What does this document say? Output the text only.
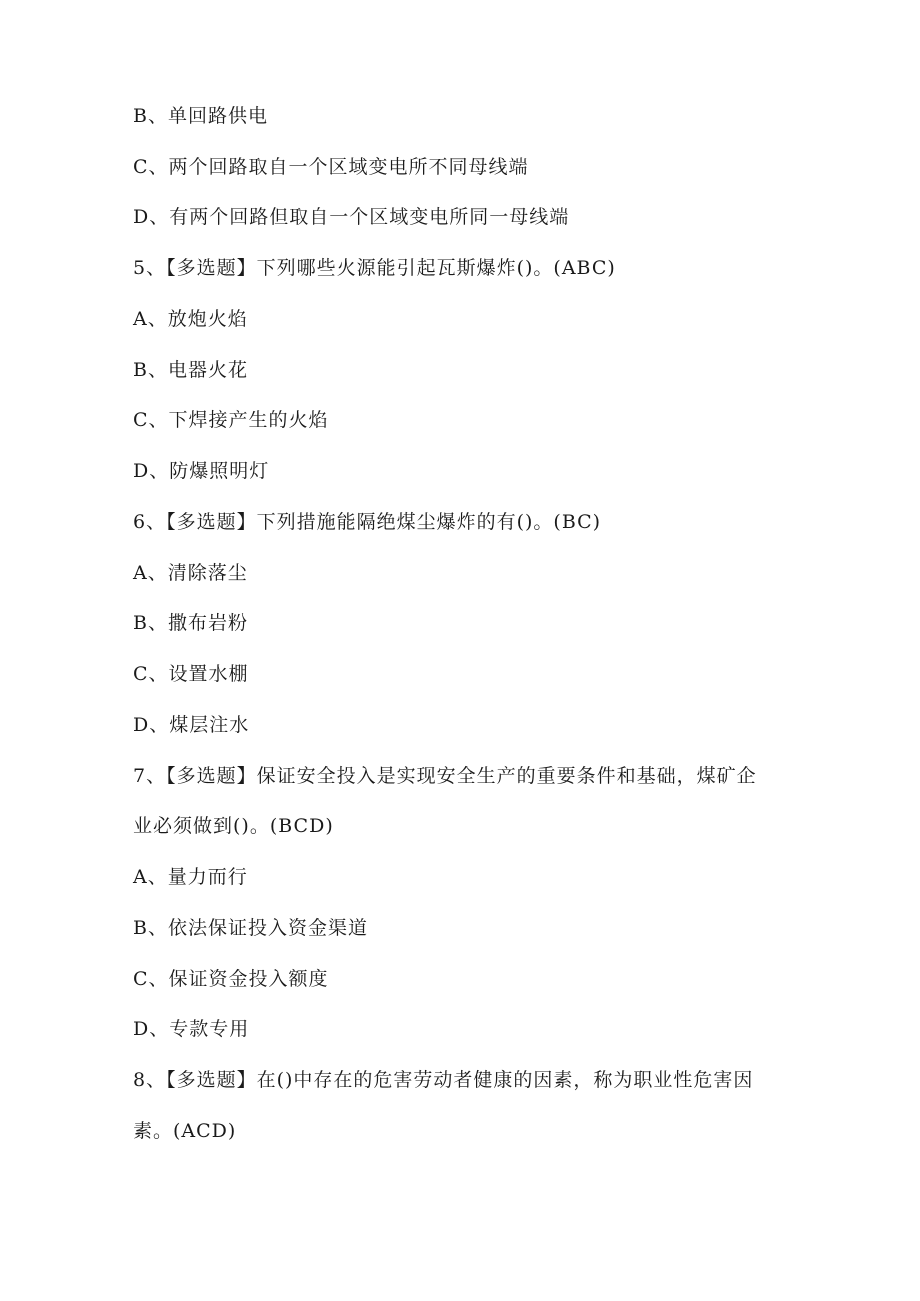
B、单回路供电
C、两个回路取自一个区域变电所不同母线端
D、有两个回路但取自一个区域变电所同一母线端
5、【多选题】下列哪些火源能引起瓦斯爆炸()。(ABC)
A、放炮火焰
B、电器火花
C、下焊接产生的火焰
D、防爆照明灯
6、【多选题】下列措施能隔绝煤尘爆炸的有()。(BC)
A、清除落尘
B、撒布岩粉
C、设置水棚
D、煤层注水
7、【多选题】保证安全投入是实现安全生产的重要条件和基础，煤矿企
业必须做到()。(BCD)
A、量力而行
B、依法保证投入资金渠道
C、保证资金投入额度
D、专款专用
8、【多选题】在()中存在的危害劳动者健康的因素，称为职业性危害因
素。(ACD)
